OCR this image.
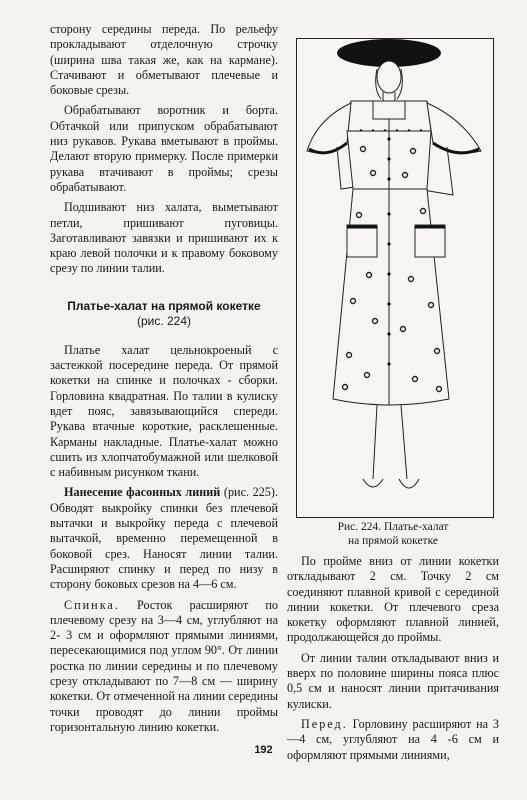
сторону середины переда. По рельефу прокладывают отделочную строчку (ширина шва такая же, как на кармане). Стачивают и обметывают плечевые и боковые срезы.

Обрабатывают воротник и борта. Обтачкой или припуском обрабатывают низ рукавов. Рукава вметывают в проймы. Делают вторую примерку. После примерки рукава втачивают в проймы; срезы обрабатывают.

Подшивают низ халата, выметывают петли, пришивают пуговицы. Заготавливают завязки и пришивают их к краю левой полочки и к правому боковому срезу по линии талии.

Платье-халат на прямой кокетке
(рис. 224)

Платье халат цельнокроеный с застежкой посередине переда. От прямой кокетки на спинке и полочках - сборки. Горловина квадратная. По талии в кулиску вдет пояс, завязывающийся спереди. Рукава втачные короткие, расклешенные. Карманы накладные. Платье-халат можно сшить из хлопчатобумажной или шелковой с набивным рисунком ткани.

Нанесение фасонных линий (рис. 225). Обводят выкройку спинки без плечевой вытачки и выкройку переда с плечевой вытачкой, временно перемещенной в боковой срез. Наносят линии талии. Расширяют спинку и перед по низу в сторону боковых срезов на 4—6 см.

Спинка. Росток расширяют по плечевому срезу на 3—4 см, углубляют на 2- 3 см и оформляют прямыми линиями, пересекающимися под углом 90°. От линии ростка по линии середины и по плечевому срезу откладывают по 7—8 см — ширину кокетки. От отмеченной на линии середины точки проводят до линии проймы горизонтальную линию кокетки.

Рис. 224. Платье-халат
на прямой кокетке

По пройме вниз от линии кокетки откладывают 2 см. Точку 2 см соединяют плавной кривой с серединой линии кокетки. От плечевого среза кокетку оформляют плавной линией, продолжающейся до проймы.

От линии талии откладывают вниз и вверх по половине ширины пояса плюс 0,5 см и наносят линии притачивания кулиски.

Перед. Горловину расширяют на 3—4 см, углубляют на 4 -6 см и оформляют прямыми линиями,

192
